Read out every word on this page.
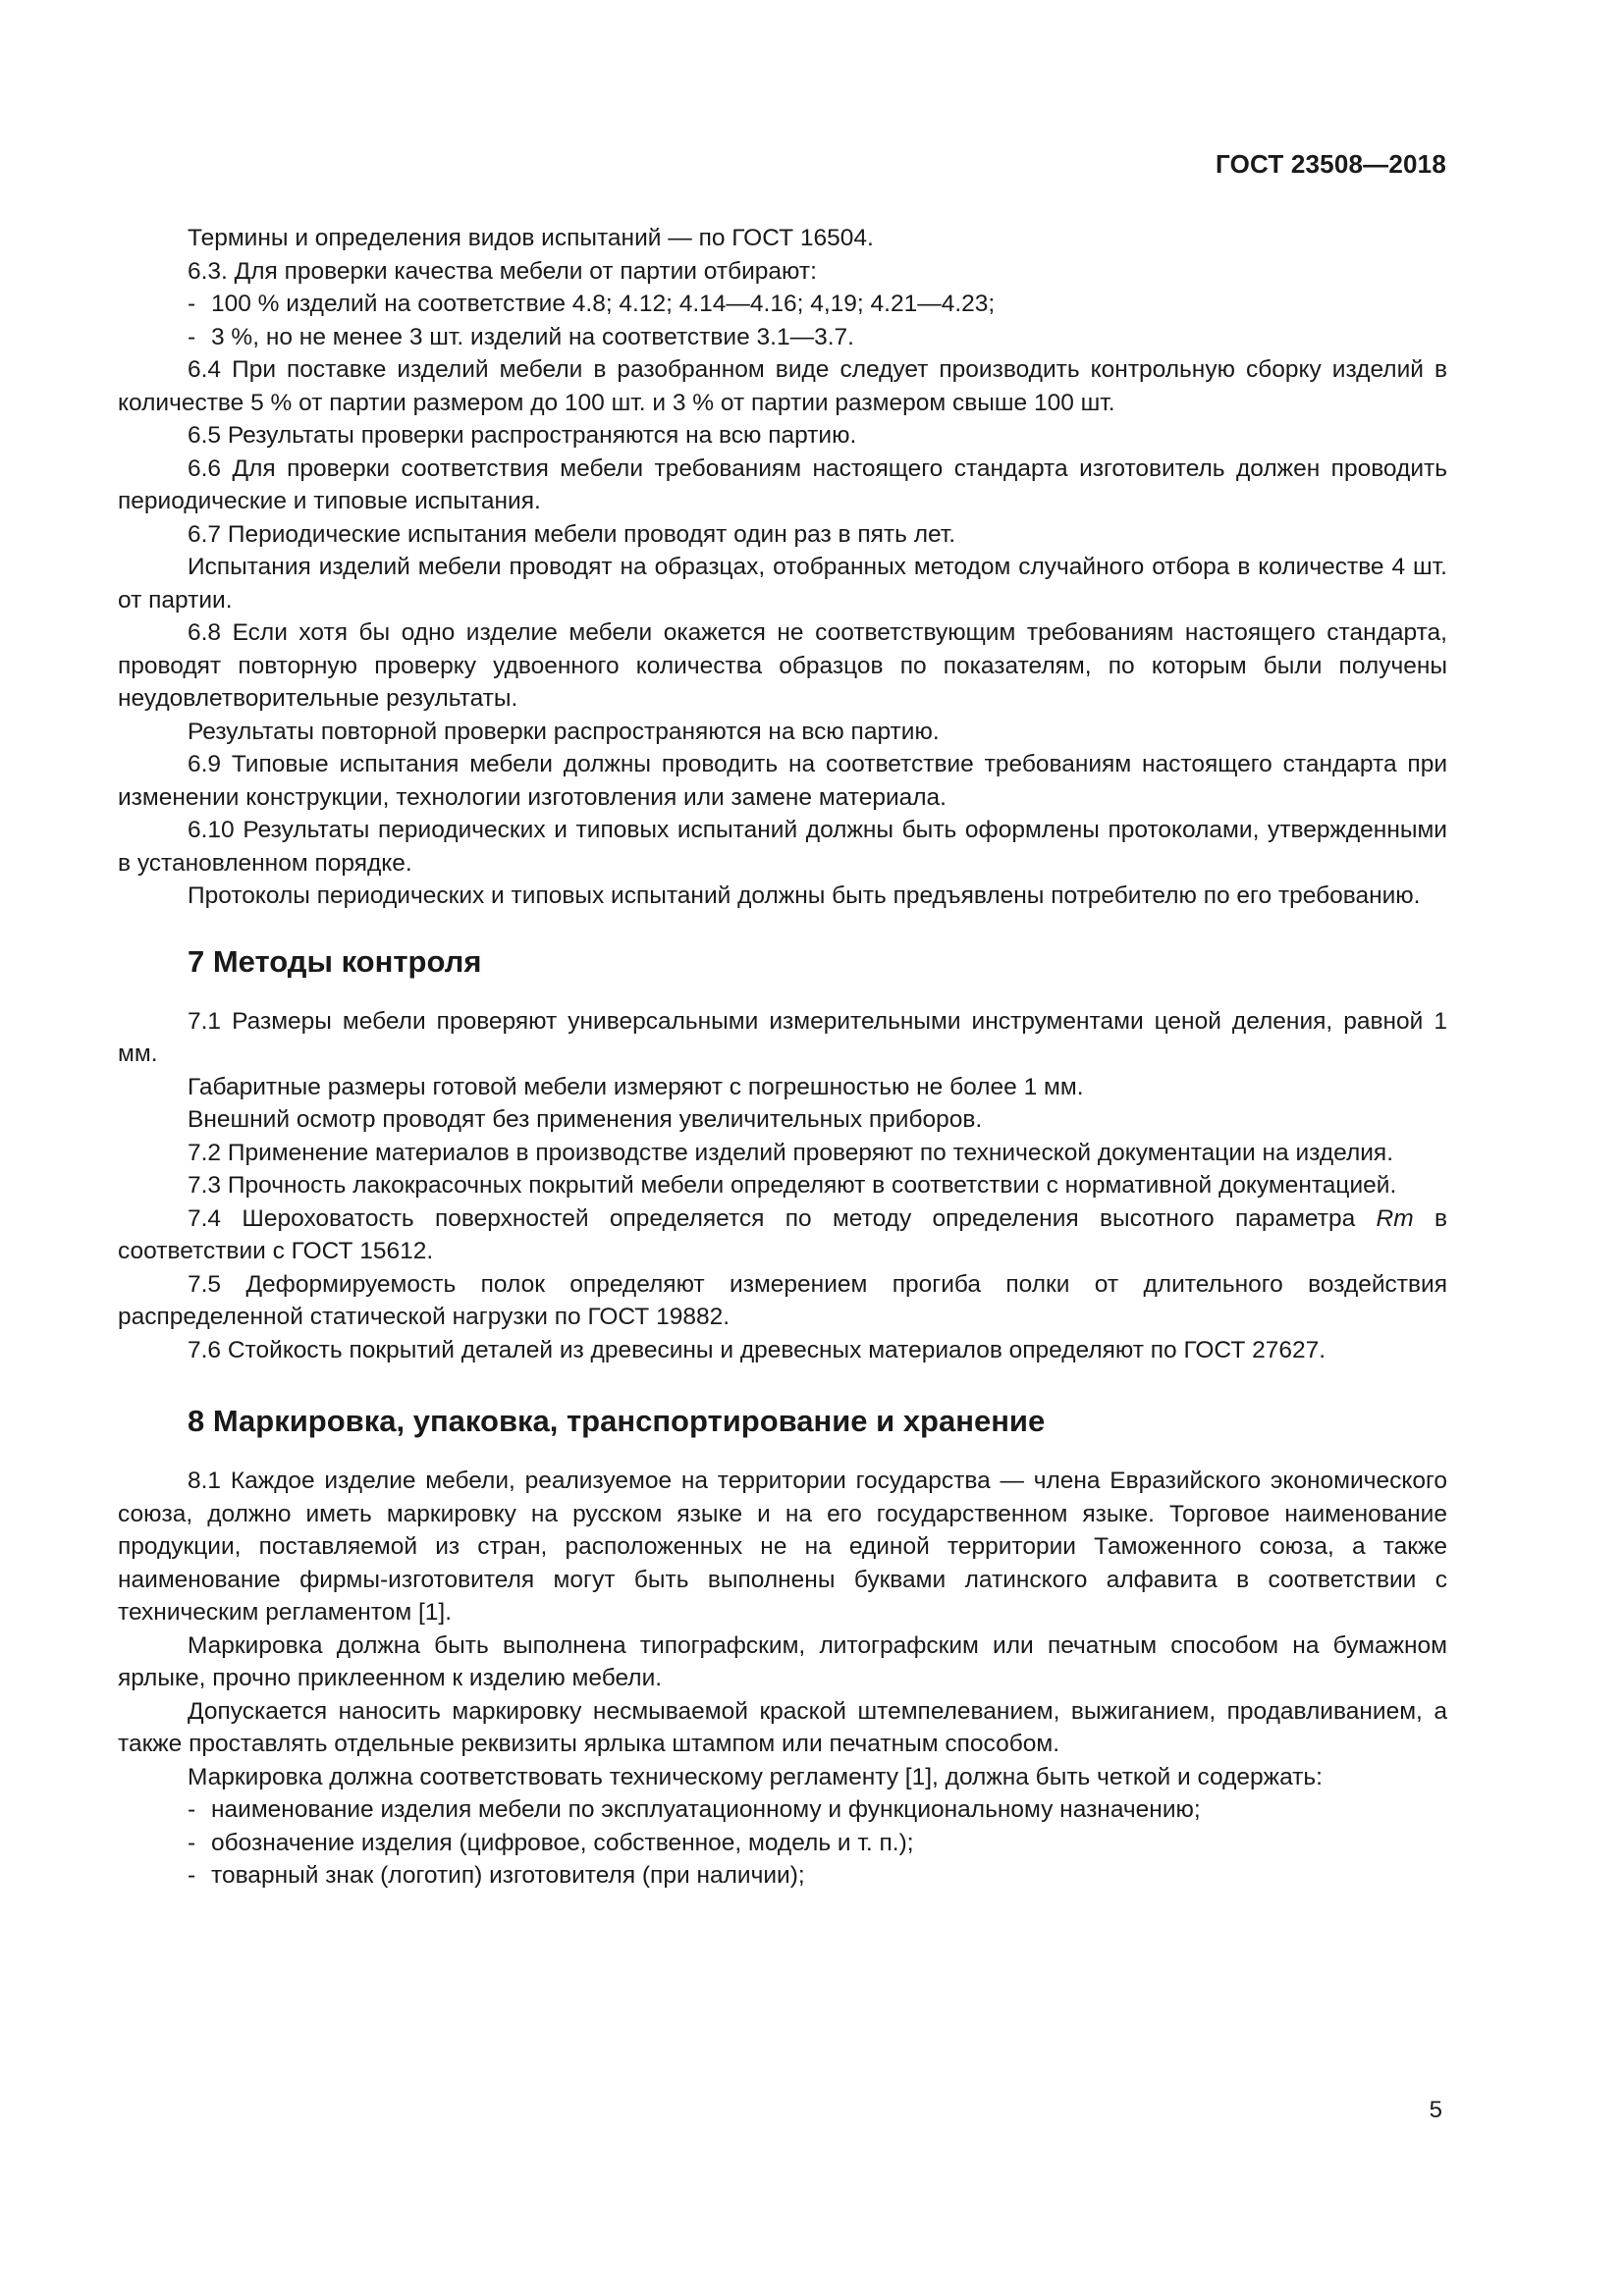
ГОСТ 23508—2018

Термины и определения видов испытаний — по ГОСТ 16504.

6.3. Для проверки качества мебели от партии отбирают:

- 100 % изделий на соответствие 4.8; 4.12; 4.14—4.16; 4,19; 4.21—4.23;

- 3 %, но не менее 3 шт. изделий на соответствие 3.1—3.7.

6.4 При поставке изделий мебели в разобранном виде следует производить контрольную сборку изделий в количестве 5 % от партии размером до 100 шт. и 3 % от партии размером свыше 100 шт.

6.5 Результаты проверки распространяются на всю партию.

6.6 Для проверки соответствия мебели требованиям настоящего стандарта изготовитель должен проводить периодические и типовые испытания.

6.7 Периодические испытания мебели проводят один раз в пять лет.

Испытания изделий мебели проводят на образцах, отобранных методом случайного отбора в количестве 4 шт. от партии.

6.8 Если хотя бы одно изделие мебели окажется не соответствующим требованиям настоящего стандарта, проводят повторную проверку удвоенного количества образцов по показателям, по которым были получены неудовлетворительные результаты.

Результаты повторной проверки распространяются на всю партию.

6.9 Типовые испытания мебели должны проводить на соответствие требованиям настоящего стандарта при изменении конструкции, технологии изготовления или замене материала.

6.10 Результаты периодических и типовых испытаний должны быть оформлены протоколами, утвержденными в установленном порядке.

Протоколы периодических и типовых испытаний должны быть предъявлены потребителю по его требованию.

7 Методы контроля

7.1 Размеры мебели проверяют универсальными измерительными инструментами ценой деления, равной 1 мм.

Габаритные размеры готовой мебели измеряют с погрешностью не более 1 мм.

Внешний осмотр проводят без применения увеличительных приборов.

7.2 Применение материалов в производстве изделий проверяют по технической документации на изделия.

7.3 Прочность лакокрасочных покрытий мебели определяют в соответствии с нормативной документацией.

7.4 Шероховатость поверхностей определяется по методу определения высотного параметра Rm в соответствии с ГОСТ 15612.

7.5 Деформируемость полок определяют измерением прогиба полки от длительного воздействия распределенной статической нагрузки по ГОСТ 19882.

7.6 Стойкость покрытий деталей из древесины и древесных материалов определяют по ГОСТ 27627.

8 Маркировка, упаковка, транспортирование и хранение

8.1 Каждое изделие мебели, реализуемое на территории государства — члена Евразийского экономического союза, должно иметь маркировку на русском языке и на его государственном языке. Торговое наименование продукции, поставляемой из стран, расположенных не на единой территории Таможенного союза, а также наименование фирмы-изготовителя могут быть выполнены буквами латинского алфавита в соответствии с техническим регламентом [1].

Маркировка должна быть выполнена типографским, литографским или печатным способом на бумажном ярлыке, прочно приклеенном к изделию мебели.

Допускается наносить маркировку несмываемой краской штемпелеванием, выжиганием, продавливанием, а также проставлять отдельные реквизиты ярлыка штампом или печатным способом.

Маркировка должна соответствовать техническому регламенту [1], должна быть четкой и содержать:

- наименование изделия мебели по эксплуатационному и функциональному назначению;

- обозначение изделия (цифровое, собственное, модель и т. п.);

- товарный знак (логотип) изготовителя (при наличии);

5
